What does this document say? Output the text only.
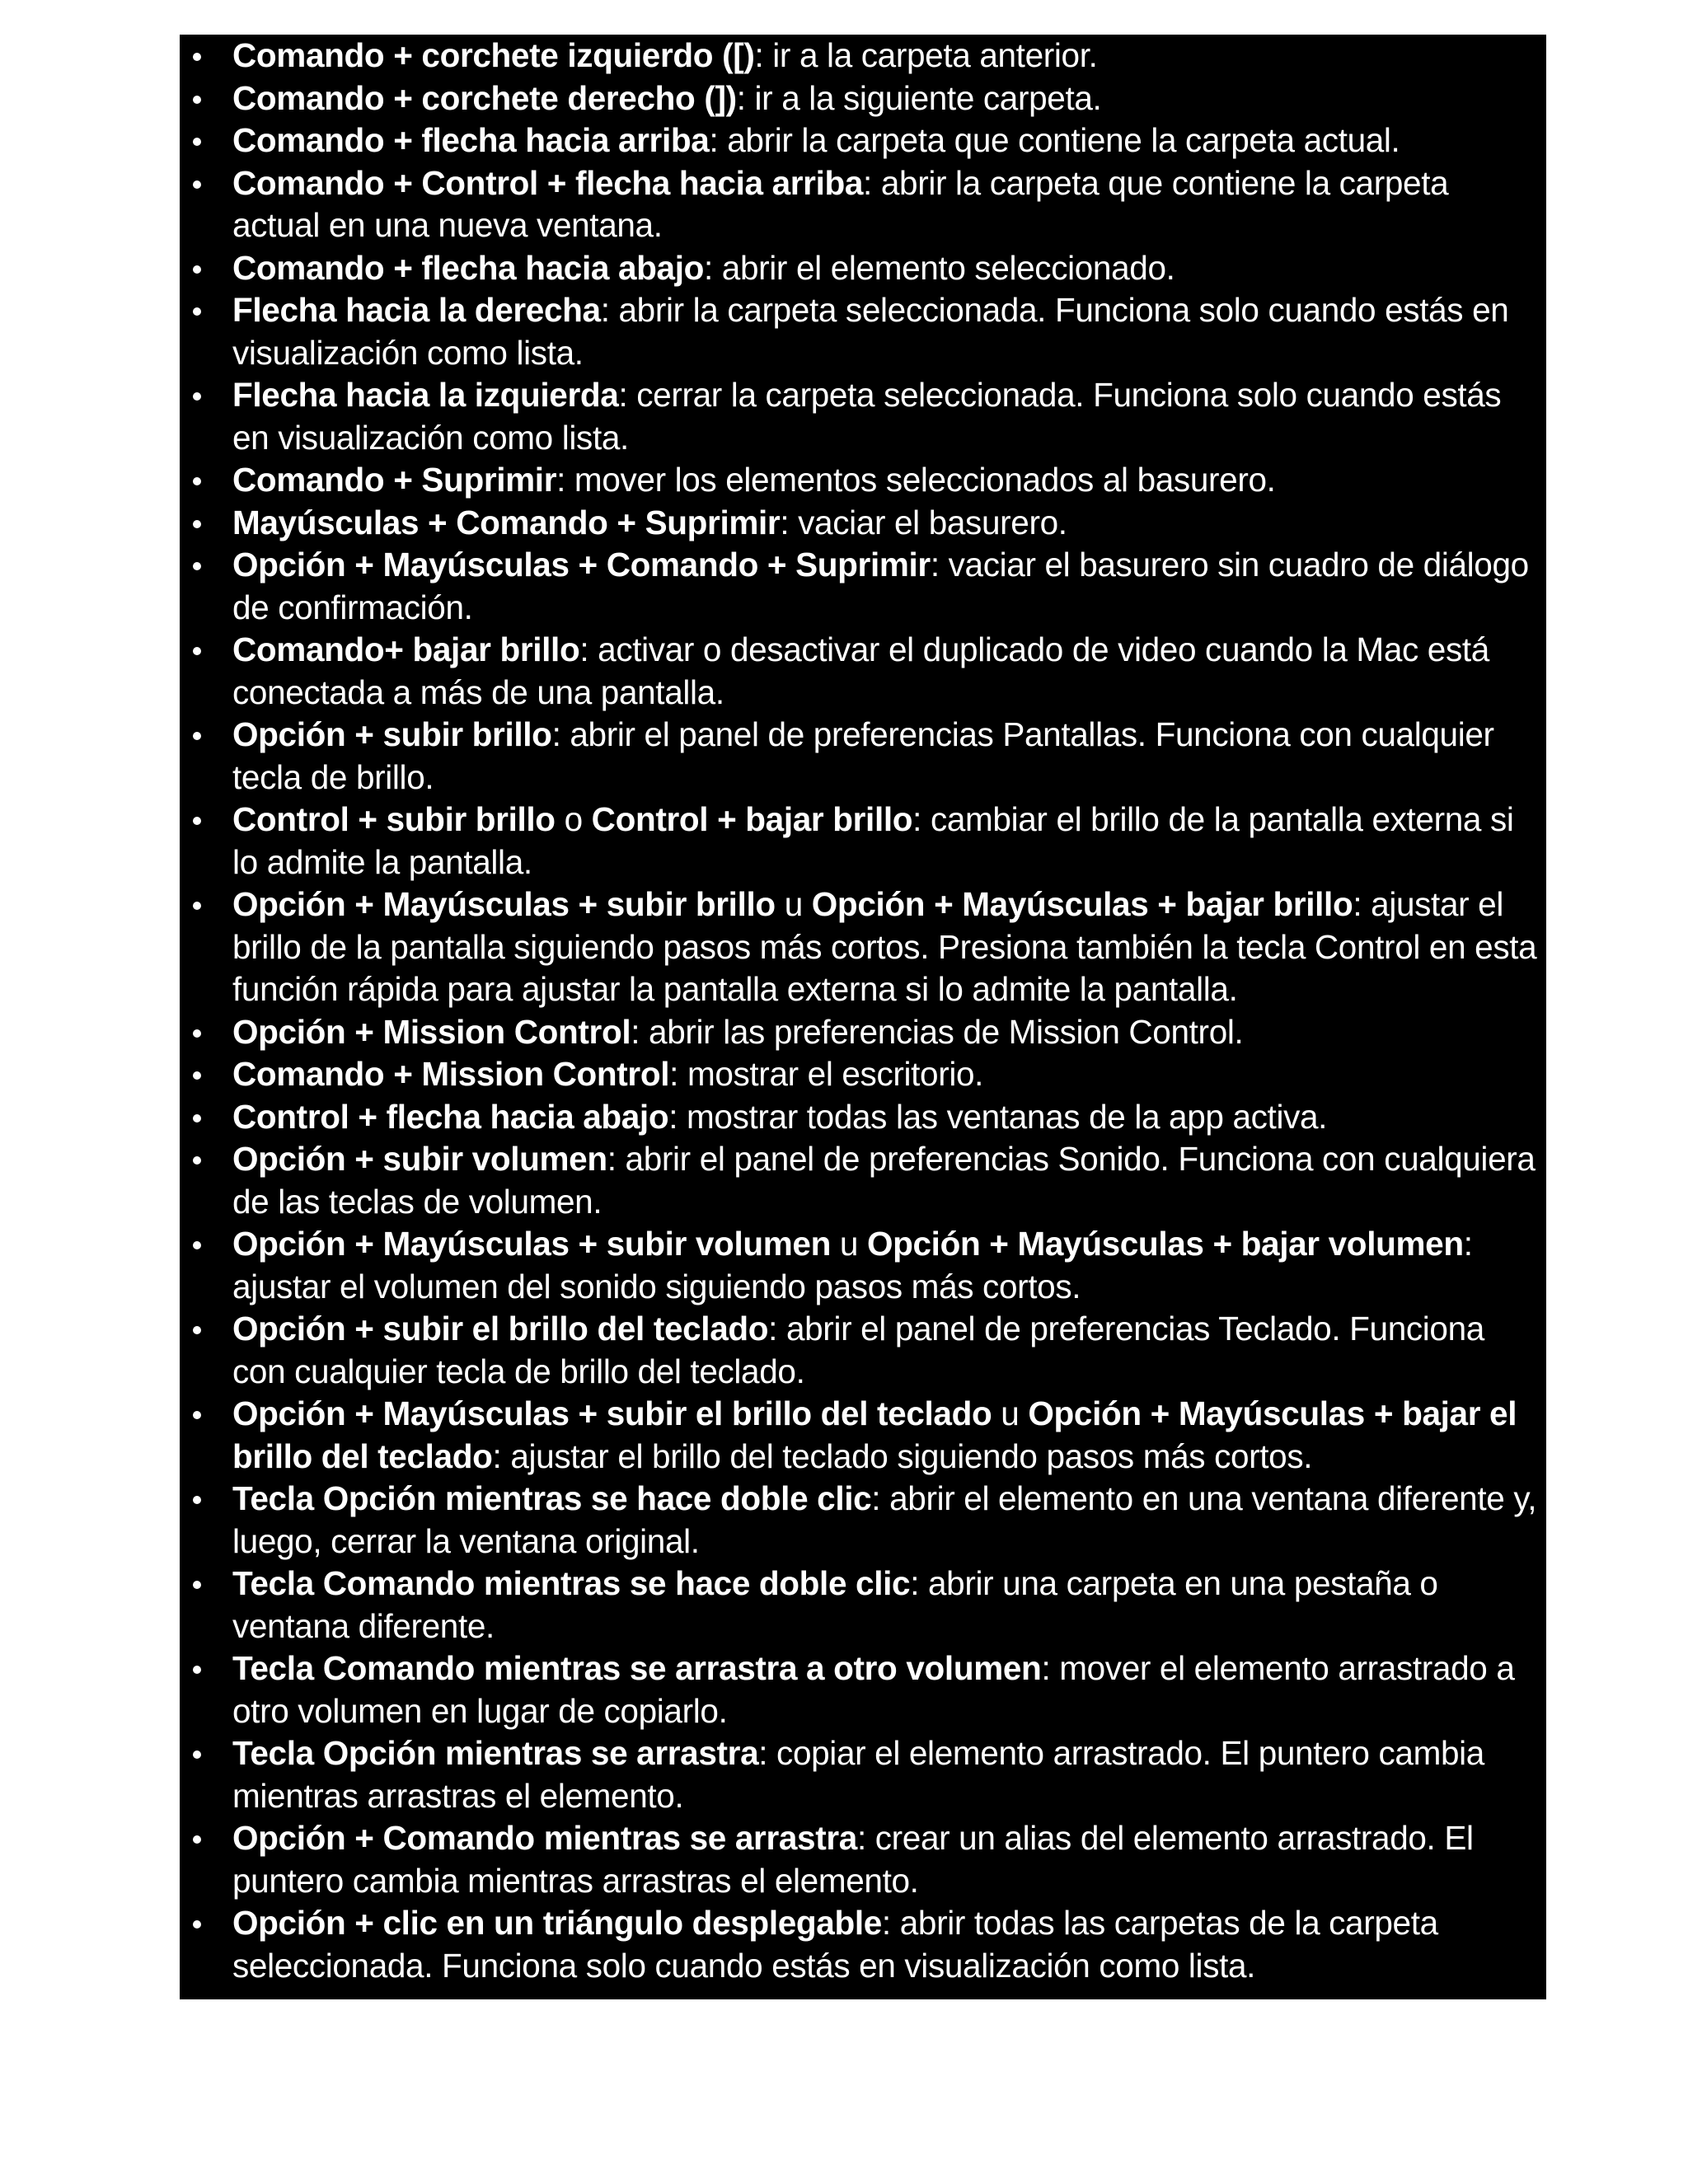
Comando + corchete izquierdo ([): ir a la carpeta anterior.
Comando + corchete derecho (]): ir a la siguiente carpeta.
Comando + flecha hacia arriba: abrir la carpeta que contiene la carpeta actual.
Comando + Control + flecha hacia arriba: abrir la carpeta que contiene la carpeta actual en una nueva ventana.
Comando + flecha hacia abajo: abrir el elemento seleccionado.
Flecha hacia la derecha: abrir la carpeta seleccionada. Funciona solo cuando estás en visualización como lista.
Flecha hacia la izquierda: cerrar la carpeta seleccionada. Funciona solo cuando estás en visualización como lista.
Comando + Suprimir: mover los elementos seleccionados al basurero.
Mayúsculas + Comando + Suprimir: vaciar el basurero.
Opción + Mayúsculas + Comando + Suprimir: vaciar el basurero sin cuadro de diálogo de confirmación.
Comando+ bajar brillo: activar o desactivar el duplicado de video cuando la Mac está conectada a más de una pantalla.
Opción + subir brillo: abrir el panel de preferencias Pantallas. Funciona con cualquier tecla de brillo.
Control + subir brillo o Control + bajar brillo: cambiar el brillo de la pantalla externa si lo admite la pantalla.
Opción + Mayúsculas + subir brillo u Opción + Mayúsculas + bajar brillo: ajustar el brillo de la pantalla siguiendo pasos más cortos. Presiona también la tecla Control en esta función rápida para ajustar la pantalla externa si lo admite la pantalla.
Opción + Mission Control: abrir las preferencias de Mission Control.
Comando + Mission Control: mostrar el escritorio.
Control + flecha hacia abajo: mostrar todas las ventanas de la app activa.
Opción + subir volumen: abrir el panel de preferencias Sonido. Funciona con cualquiera de las teclas de volumen.
Opción + Mayúsculas + subir volumen u Opción + Mayúsculas + bajar volumen: ajustar el volumen del sonido siguiendo pasos más cortos.
Opción + subir el brillo del teclado: abrir el panel de preferencias Teclado. Funciona con cualquier tecla de brillo del teclado.
Opción + Mayúsculas + subir el brillo del teclado u Opción + Mayúsculas + bajar el brillo del teclado: ajustar el brillo del teclado siguiendo pasos más cortos.
Tecla Opción mientras se hace doble clic: abrir el elemento en una ventana diferente y, luego, cerrar la ventana original.
Tecla Comando mientras se hace doble clic: abrir una carpeta en una pestaña o ventana diferente.
Tecla Comando mientras se arrastra a otro volumen: mover el elemento arrastrado a otro volumen en lugar de copiarlo.
Tecla Opción mientras se arrastra: copiar el elemento arrastrado. El puntero cambia mientras arrastras el elemento.
Opción + Comando mientras se arrastra: crear un alias del elemento arrastrado. El puntero cambia mientras arrastras el elemento.
Opción + clic en un triángulo desplegable: abrir todas las carpetas de la carpeta seleccionada. Funciona solo cuando estás en visualización como lista.
